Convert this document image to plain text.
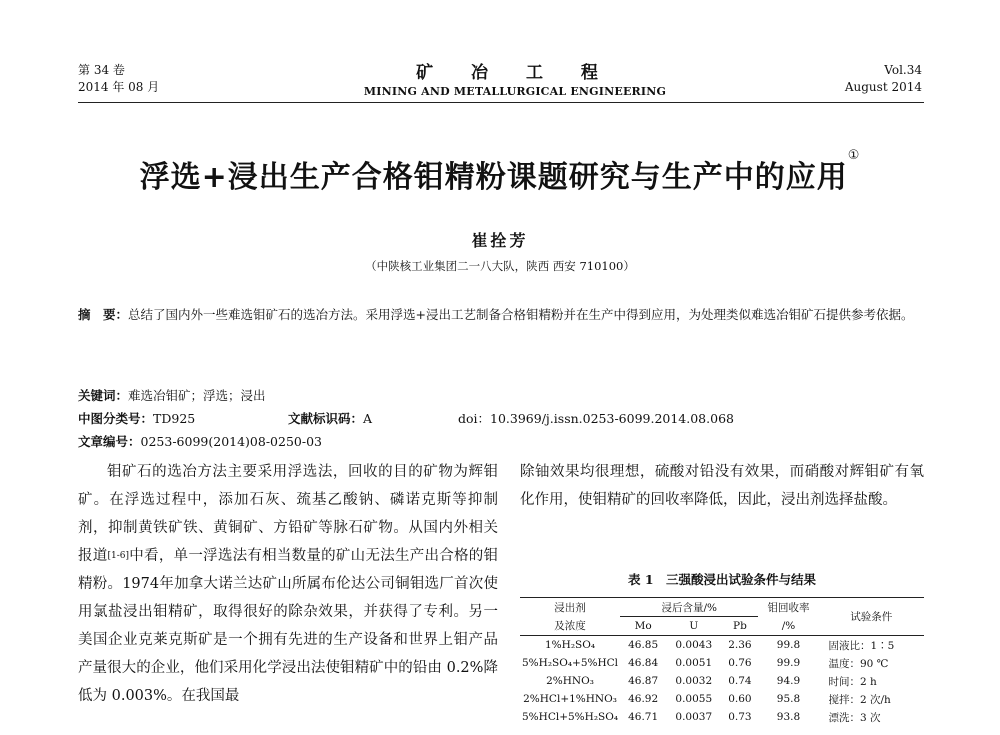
第 34 卷
2014 年 08 月
矿 冶 工 程
MINING AND METALLURGICAL ENGINEERING
Vol.34
August 2014
浮选+浸出生产合格钼精粉课题研究与生产中的应用①
崔拴芳
（中陕核工业集团二一八大队，陕西 西安 710100）
摘　要：总结了国内外一些难选钼矿石的选冶方法。采用浮选+浸出工艺制备合格钼精粉并在生产中得到应用，为处理类似难选冶钼矿石提供参考依据。
关键词：难选冶钼矿；浮选；浸出
中图分类号：TD925	文献标识码：A	doi：10.3969/j.issn.0253-6099.2014.08.068
文章编号：0253-6099(2014)08-0250-03
钼矿石的选冶方法主要采用浮选法，回收的目的矿物为辉钼矿。在浮选过程中，添加石灰、巯基乙酸钠、磷诺克斯等抑制剂，抑制黄铁矿铁、黄铜矿、方铅矿等脉石矿物。从国内外相关报道[1-6]中看，单一浮选法有相当数量的矿山无法生产出合格的钼精粉。1974年加拿大诺兰达矿山所属布伦达公司铜钼选厂首次使用氯盐浸出钼精矿，取得很好的除杂效果，并获得了专利。另一美国企业克莱克斯矿是一个拥有先进的生产设备和世界上钼产品产量很大的企业，他们采用化学浸出法使钼精矿中的铅由 0.2%降低为 0.003%。在我国最
除铀效果均很理想，硫酸对铅没有效果，而硝酸对辉钼矿有氧化作用，使钼精矿的回收率降低，因此，浸出剂选择盐酸。
表 1　三强酸浸出试验条件与结果
浸出剂	浸后含量/%			钼回收率	试验条件
及浓度	Mo	U	Pb	/%	
1%H₂SO₄	46.85	0.0043	2.36	99.8	固液比：1∶5
5%H₂SO₄+5%HCl	46.84	0.0051	0.76	99.9	温度：90 ℃
2%HNO₃	46.87	0.0032	0.74	94.9	时间：2 h
2%HCl+1%HNO₃	46.92	0.0055	0.60	95.8	搅拌：2 次/h
5%HCl+5%H₂SO₄	46.71	0.0037	0.73	93.8	漂洗：3 次
